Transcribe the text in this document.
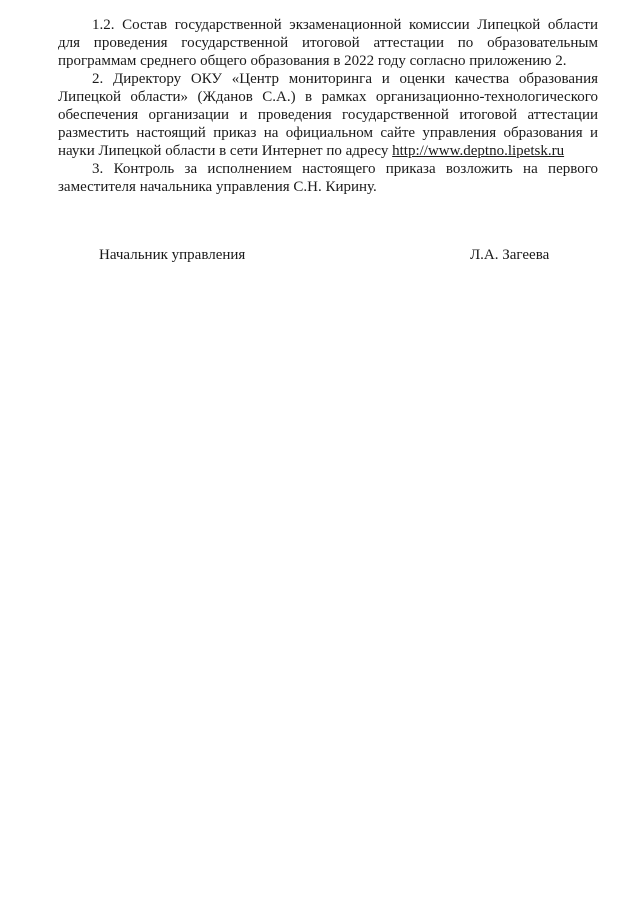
1.2. Состав государственной экзаменационной комиссии Липецкой области для проведения государственной итоговой аттестации по образовательным программам среднего общего образования в 2022 году согласно приложению 2.

2. Директору ОКУ «Центр мониторинга и оценки качества образования Липецкой области» (Жданов С.А.) в рамках организационно-технологического обеспечения организации и проведения государственной итоговой аттестации разместить настоящий приказ на официальном сайте управления образования и науки Липецкой области в сети Интернет по адресу http://www.deptno.lipetsk.ru

3. Контроль за исполнением настоящего приказа возложить на первого заместителя начальника управления С.Н. Кирину.

Начальник управления	Л.А. Загеева
